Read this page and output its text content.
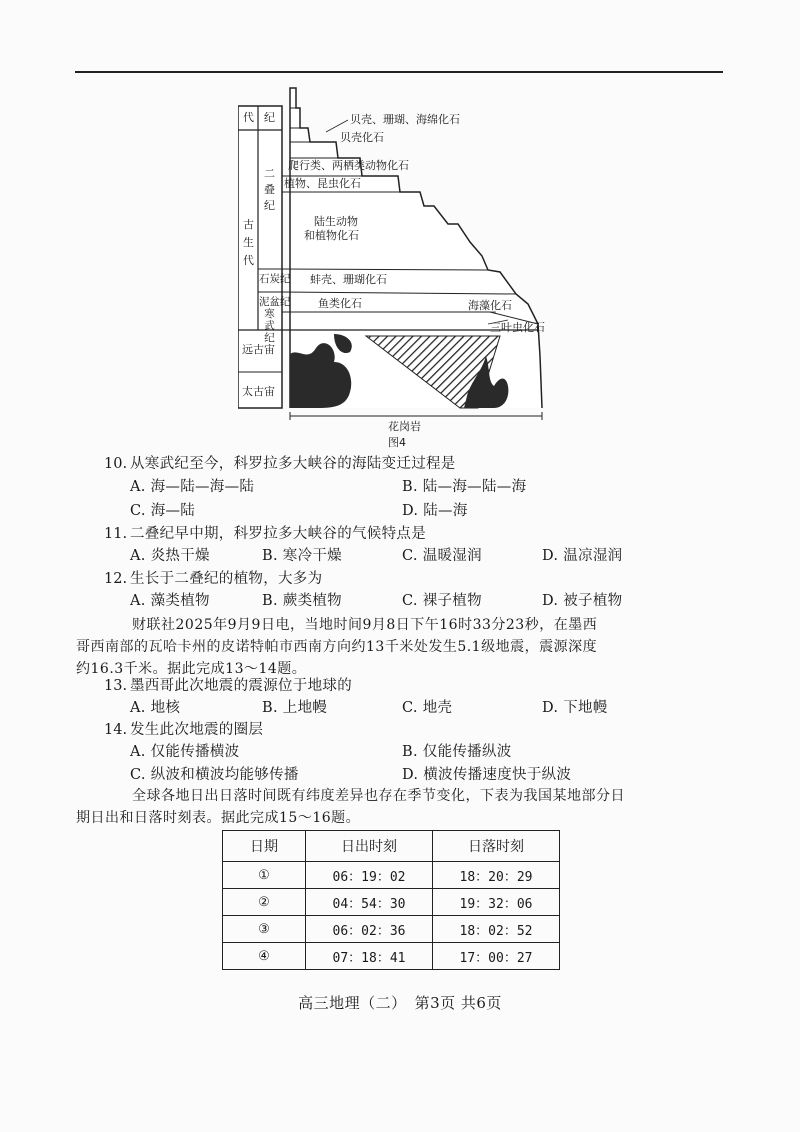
代 纪
古生代
二叠纪
石炭纪
泥盆纪
寒武纪
远古宙
太古宙
贝壳、珊瑚、海绵化石
贝壳化石
爬行类、两栖类动物化石
植物、昆虫化石
陆生动物
和植物化石
蚌壳、珊瑚化石
鱼类化石	海藻化石
三叶虫化石
花岗岩
图4
10. 从寒武纪至今，科罗拉多大峡谷的海陆变迁过程是
A. 海—陆—海—陆	B. 陆—海—陆—海
C. 海—陆	D. 陆—海
11. 二叠纪早中期，科罗拉多大峡谷的气候特点是
A. 炎热干燥	B. 寒冷干燥	C. 温暖湿润	D. 温凉湿润
12. 生长于二叠纪的植物，大多为
A. 藻类植物	B. 蕨类植物	C. 裸子植物	D. 被子植物
财联社2025年9月9日电，当地时间9月8日下午16时33分23秒，在墨西
哥西南部的瓦哈卡州的皮诺特帕市西南方向约13千米处发生5.1级地震，震源深度
约16.3千米。据此完成13～14题。
13. 墨西哥此次地震的震源位于地球的
A. 地核	B. 上地幔	C. 地壳	D. 下地幔
14. 发生此次地震的圈层
A. 仅能传播横波	B. 仅能传播纵波
C. 纵波和横波均能够传播	D. 横波传播速度快于纵波
全球各地日出日落时间既有纬度差异也存在季节变化，下表为我国某地部分日
期日出和日落时刻表。据此完成15～16题。
日期	日出时刻	日落时刻
①	06：19：02	18：20：29
②	04：54：30	19：32：06
③	06：02：36	18：02：52
④	07：18：41	17：00：27
高三地理（二）　第3页 共6页
